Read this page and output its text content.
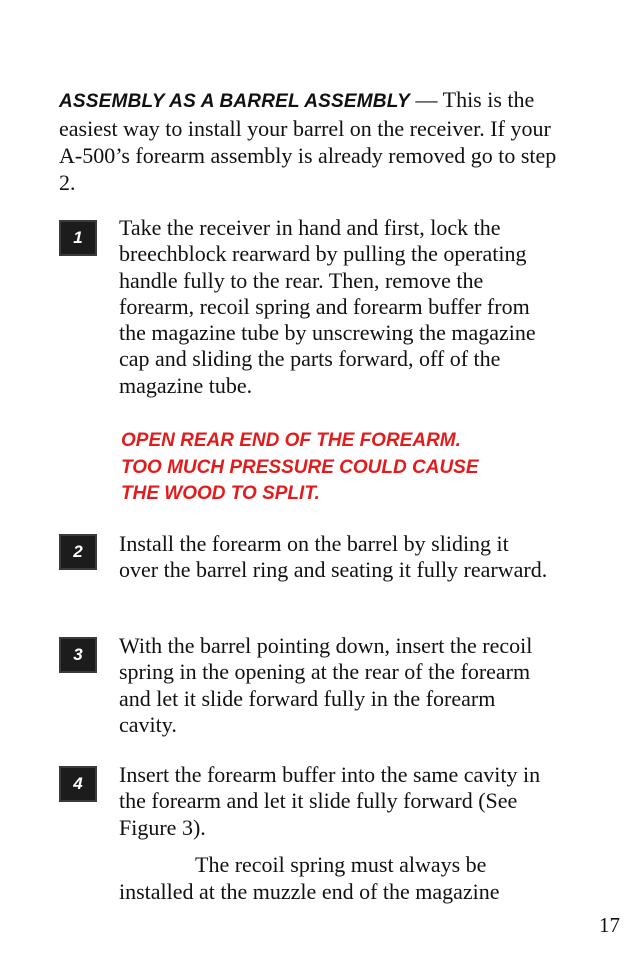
ASSEMBLY AS A BARREL ASSEMBLY — This is the easiest way to install your barrel on the receiver. If your A-500’s forearm assembly is already removed go to step 2.
1	Take the receiver in hand and first, lock the breechblock rearward by pulling the operating handle fully to the rear. Then, remove the forearm, recoil spring and forearm buffer from the magazine tube by unscrewing the magazine cap and sliding the parts forward, off of the magazine tube.
OPEN REAR END OF THE FOREARM.
TOO MUCH PRESSURE COULD CAUSE
THE WOOD TO SPLIT.
2	Install the forearm on the barrel by sliding it over the barrel ring and seating it fully rearward.
3	With the barrel pointing down, insert the recoil spring in the opening at the rear of the forearm and let it slide forward fully in the forearm cavity.
4	Insert the forearm buffer into the same cavity in the forearm and let it slide fully forward (See Figure 3).
The recoil spring must always be
installed at the muzzle end of the magazine
17
